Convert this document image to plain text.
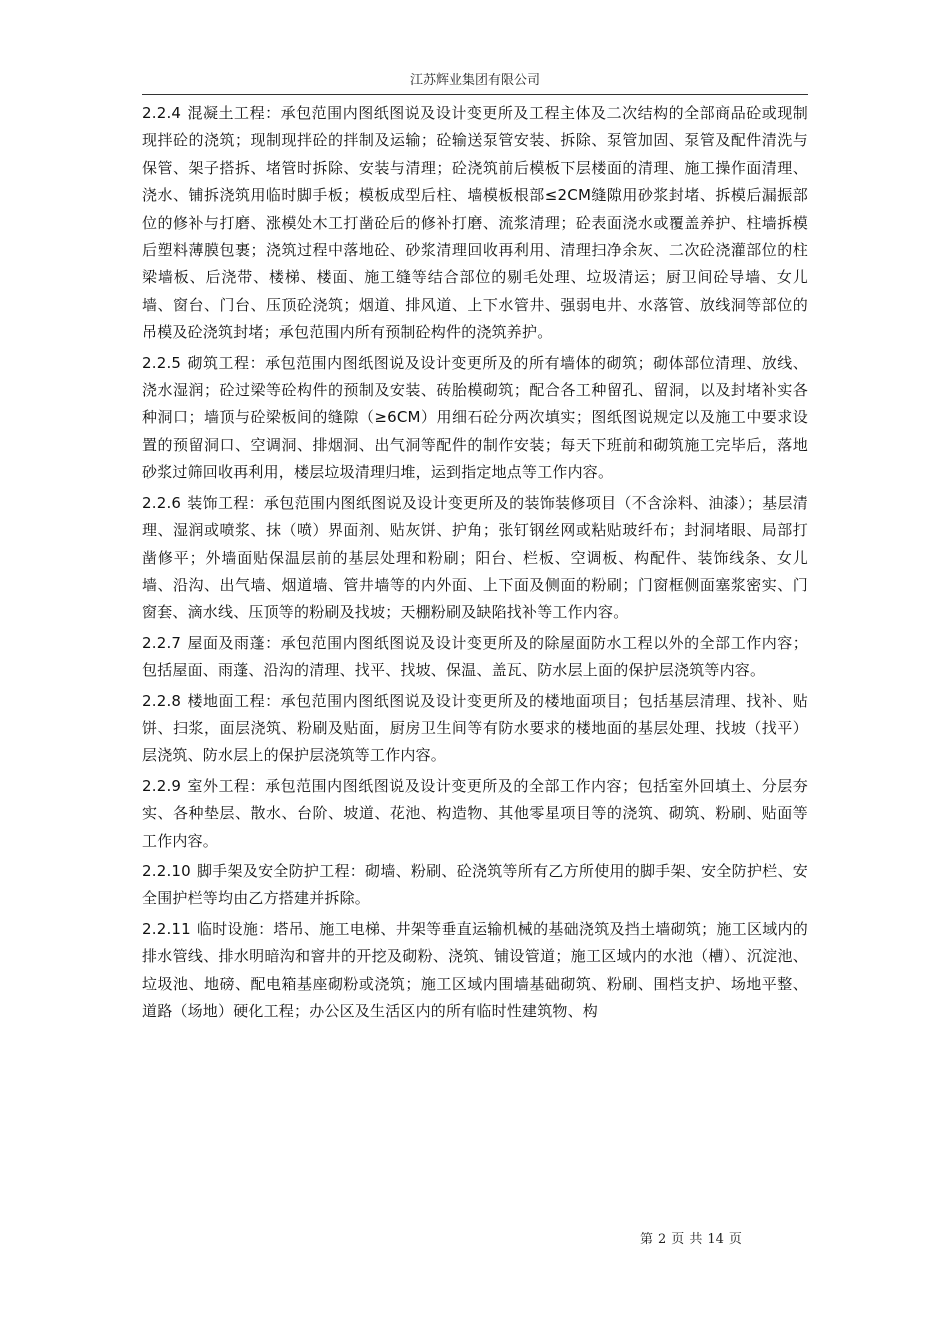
江苏辉业集团有限公司

2.2.4 混凝土工程：承包范围内图纸图说及设计变更所及工程主体及二次结构的全部商品砼或现制现拌砼的浇筑；现制现拌砼的拌制及运输；砼输送泵管安装、拆除、泵管加固、泵管及配件清洗与保管、架子搭拆、堵管时拆除、安装与清理；砼浇筑前后模板下层楼面的清理、施工操作面清理、浇水、铺拆浇筑用临时脚手板；模板成型后柱、墙模板根部≤2CM缝隙用砂浆封堵、拆模后漏振部位的修补与打磨、涨模处木工打凿砼后的修补打磨、流浆清理；砼表面浇水或覆盖养护、柱墙拆模后塑料薄膜包裹；浇筑过程中落地砼、砂浆清理回收再利用、清理扫净余灰、二次砼浇灌部位的柱梁墙板、后浇带、楼梯、楼面、施工缝等结合部位的剔毛处理、垃圾清运；厨卫间砼导墙、女儿墙、窗台、门台、压顶砼浇筑；烟道、排风道、上下水管井、强弱电井、水落管、放线洞等部位的吊模及砼浇筑封堵；承包范围内所有预制砼构件的浇筑养护。

2.2.5 砌筑工程：承包范围内图纸图说及设计变更所及的所有墙体的砌筑；砌体部位清理、放线、浇水湿润；砼过梁等砼构件的预制及安装、砖胎模砌筑；配合各工种留孔、留洞，以及封堵补实各种洞口；墙顶与砼梁板间的缝隙（≥6CM）用细石砼分两次填实；图纸图说规定以及施工中要求设置的预留洞口、空调洞、排烟洞、出气洞等配件的制作安装；每天下班前和砌筑施工完毕后，落地砂浆过筛回收再利用，楼层垃圾清理归堆，运到指定地点等工作内容。

2.2.6 装饰工程：承包范围内图纸图说及设计变更所及的装饰装修项目（不含涂料、油漆）；基层清理、湿润或喷浆、抹（喷）界面剂、贴灰饼、护角；张钉钢丝网或粘贴玻纤布；封洞堵眼、局部打凿修平；外墙面贴保温层前的基层处理和粉刷；阳台、栏板、空调板、构配件、装饰线条、女儿墙、沿沟、出气墙、烟道墙、管井墙等的内外面、上下面及侧面的粉刷；门窗框侧面塞浆密实、门窗套、滴水线、压顶等的粉刷及找坡；天棚粉刷及缺陷找补等工作内容。

2.2.7 屋面及雨蓬：承包范围内图纸图说及设计变更所及的除屋面防水工程以外的全部工作内容；包括屋面、雨蓬、沿沟的清理、找平、找坡、保温、盖瓦、防水层上面的保护层浇筑等内容。

2.2.8 楼地面工程：承包范围内图纸图说及设计变更所及的楼地面项目；包括基层清理、找补、贴饼、扫浆，面层浇筑、粉刷及贴面，厨房卫生间等有防水要求的楼地面的基层处理、找坡（找平）层浇筑、防水层上的保护层浇筑等工作内容。

2.2.9 室外工程：承包范围内图纸图说及设计变更所及的全部工作内容；包括室外回填土、分层夯实、各种垫层、散水、台阶、坡道、花池、构造物、其他零星项目等的浇筑、砌筑、粉刷、贴面等工作内容。

2.2.10 脚手架及安全防护工程：砌墙、粉刷、砼浇筑等所有乙方所使用的脚手架、安全防护栏、安全围护栏等均由乙方搭建并拆除。

2.2.11 临时设施：塔吊、施工电梯、井架等垂直运输机械的基础浇筑及挡土墙砌筑；施工区域内的排水管线、排水明暗沟和窨井的开挖及砌粉、浇筑、铺设管道；施工区域内的水池（槽）、沉淀池、垃圾池、地磅、配电箱基座砌粉或浇筑；施工区域内围墙基础砌筑、粉刷、围档支护、场地平整、道路（场地）硬化工程；办公区及生活区内的所有临时性建筑物、构

第 2 页 共 14 页
